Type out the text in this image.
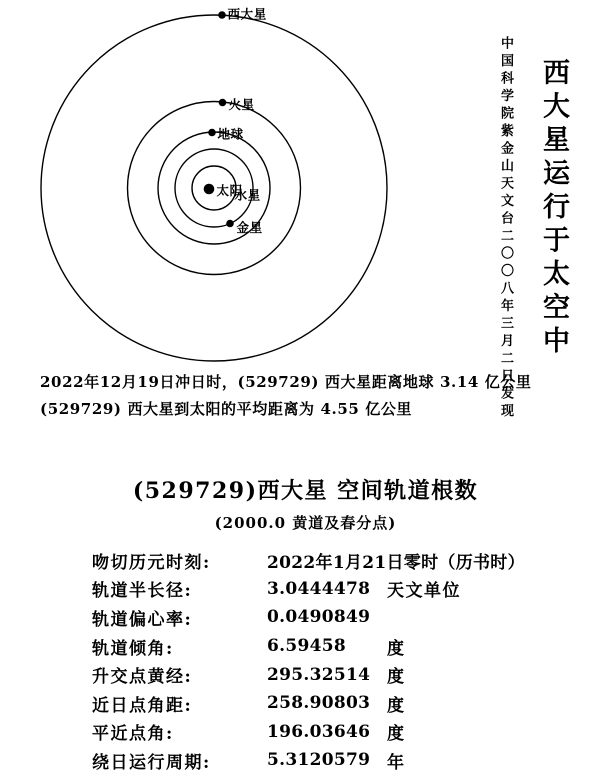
西大星
火星
地球
太阳
水星
金星
2022年12月19日冲日时，(529729) 西大星距离地球 3.14 亿公里
(529729) 西大星到太阳的平均距离为 4.55 亿公里	中国科学院紫金山天文台二〇〇八年三月二日发现 西大星运行于太空中
(529729)西大星 空间轨道根数
(2000.0 黄道及春分点)
吻切历元时刻:	2022年1月21日零时（历书时）
轨道半长径:	3.0444478 天文单位
轨道偏心率:	0.0490849
轨道倾角:	6.59458	度
升交点黄经:	295.32514 度
近日点角距:	258.90803 度
平近点角:	196.03646 度
绕日运行周期:	5.3120579 年
